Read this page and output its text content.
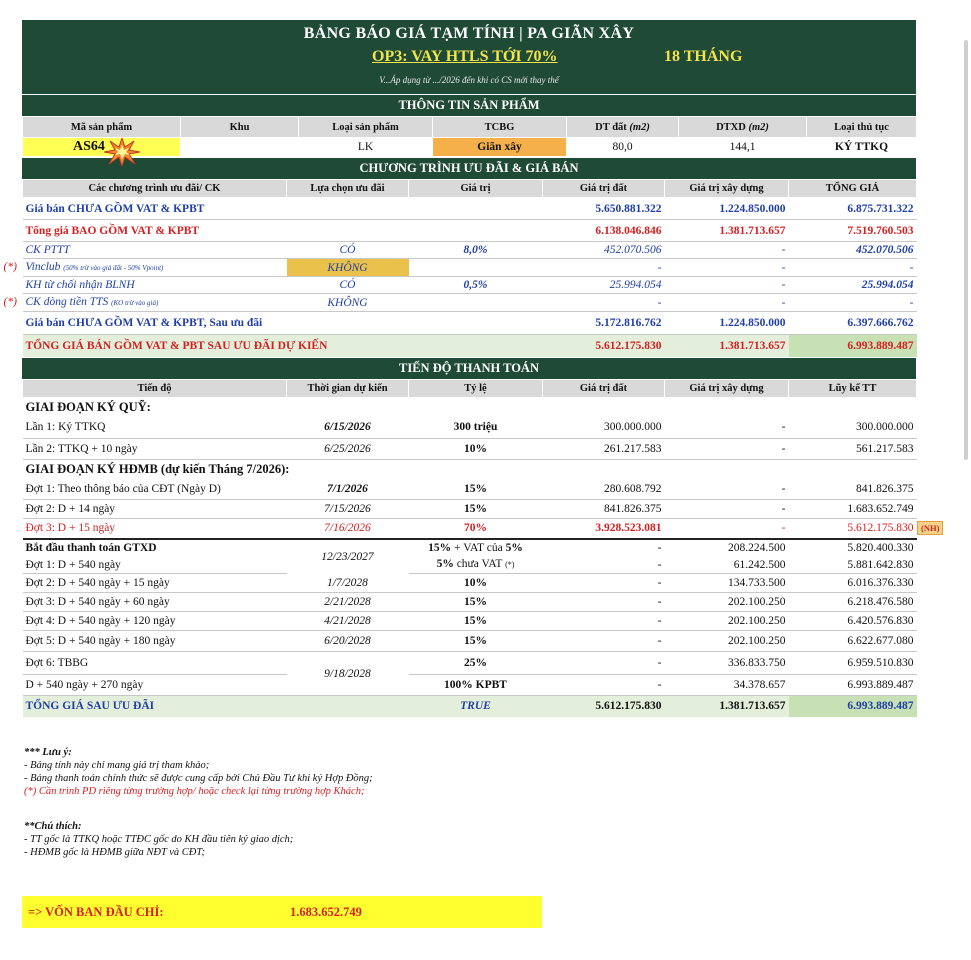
BẢNG BÁO GIÁ TẠM TÍNH | PA GIÃN XÂY
OP3: VAY HTLS TỚI 70%	18 THÁNG
V...Áp dụng từ .../2026 đến khi có CS mới thay thế
THÔNG TIN SẢN PHẨM
Mã sản phẩm	Khu	Loại sản phẩm	TCBG	DT đất (m2)	DTXD (m2)	Loại thủ tục
AS64		LK	Giãn xây	80,0	144,1	KÝ TTKQ
CHƯƠNG TRÌNH ƯU ĐÃI & GIÁ BÁN
Các chương trình ưu đãi/ CK	Lựa chọn ưu đãi	Giá trị	Giá trị đất	Giá trị xây dựng	TỔNG GIÁ
Giá bán CHƯA GỒM VAT & KPBT			5.650.881.322	1.224.850.000	6.875.731.322
Tổng giá BAO GỒM VAT & KPBT			6.138.046.846	1.381.713.657	7.519.760.503
CK PTTT	CÓ	8,0%	452.070.506	-	452.070.506

(*) Vinclub (50% trừ vào giá đất - 50% Vpoint)	KHÔNG		-	-	-
KH từ chối nhận BLNH	CÓ	0,5%	25.994.054	-	25.994.054

(*) CK dòng tiền TTS (KO trừ vào giá)	KHÔNG		-	-	-
Giá bán CHƯA GỒM VAT & KPBT, Sau ưu đãi			5.172.816.762	1.224.850.000	6.397.666.762
TỔNG GIÁ BÁN GỒM VAT & PBT SAU ƯU ĐÃI DỰ KIẾN			5.612.175.830	1.381.713.657	6.993.889.487
TIẾN ĐỘ THANH TOÁN
Tiến độ	Thời gian dự kiến	Tỷ lệ	Giá trị đất	Giá trị xây dựng	Lũy kế TT
GIAI ĐOẠN KÝ QUỸ:					
Lần 1: Ký TTKQ	6/15/2026	300 triệu	300.000.000	-	300.000.000
Lần 2: TTKQ + 10 ngày	6/25/2026	10%	261.217.583	-	561.217.583
GIAI ĐOẠN KÝ HĐMB (dự kiến Tháng 7/2026):					
Đợt 1: Theo thông báo của CĐT (Ngày D)	7/1/2026	15%	280.608.792	-	841.826.375
Đợt 2: D + 14 ngày	7/15/2026	15%	841.826.375	-	1.683.652.749
Đợt 3: D + 15 ngày	7/16/2026	70%	3.928.523.081	-	5.612.175.830
Bắt đầu thanh toán GTXD	12/23/2027	15% + VAT của 5%	-	208.224.500	5.820.400.330
Đợt 1: D + 540 ngày		5% chưa VAT (*)	-	61.242.500	5.881.642.830
Đợt 2: D + 540 ngày + 15 ngày	1/7/2028	10%	-	134.733.500	6.016.376.330
Đợt 3: D + 540 ngày + 60 ngày	2/21/2028	15%	-	202.100.250	6.218.476.580
Đợt 4: D + 540 ngày + 120 ngày	4/21/2028	15%	-	202.100.250	6.420.576.830
Đợt 5: D + 540 ngày + 180 ngày	6/20/2028	15%	-	202.100.250	6.622.677.080
Đợt 6: TBBG	9/18/2028	25%	-	336.833.750	6.959.510.830
D + 540 ngày + 270 ngày		100% KPBT	-	34.378.657	6.993.889.487
TỔNG GIÁ SAU ƯU ĐÃI		TRUE	5.612.175.830	1.381.713.657	6.993.889.487
(NH)
*** Lưu ý:
- Bảng tính này chỉ mang giá trị tham khảo;
- Bảng thanh toán chính thức sẽ được cung cấp bởi Chủ Đầu Tư khi ký Hợp Đồng;
(*) Cần trình PD riêng từng trường hợp/ hoặc check lại từng trường hợp Khách;
**Chú thích:
- TT gốc là TTKQ hoặc TTĐC gốc do KH đầu tiên ký giao dịch;
- HĐMB gốc là HĐMB giữa NĐT và CĐT;
=> VỐN BAN ĐẦU CHỈ:	1.683.652.749
